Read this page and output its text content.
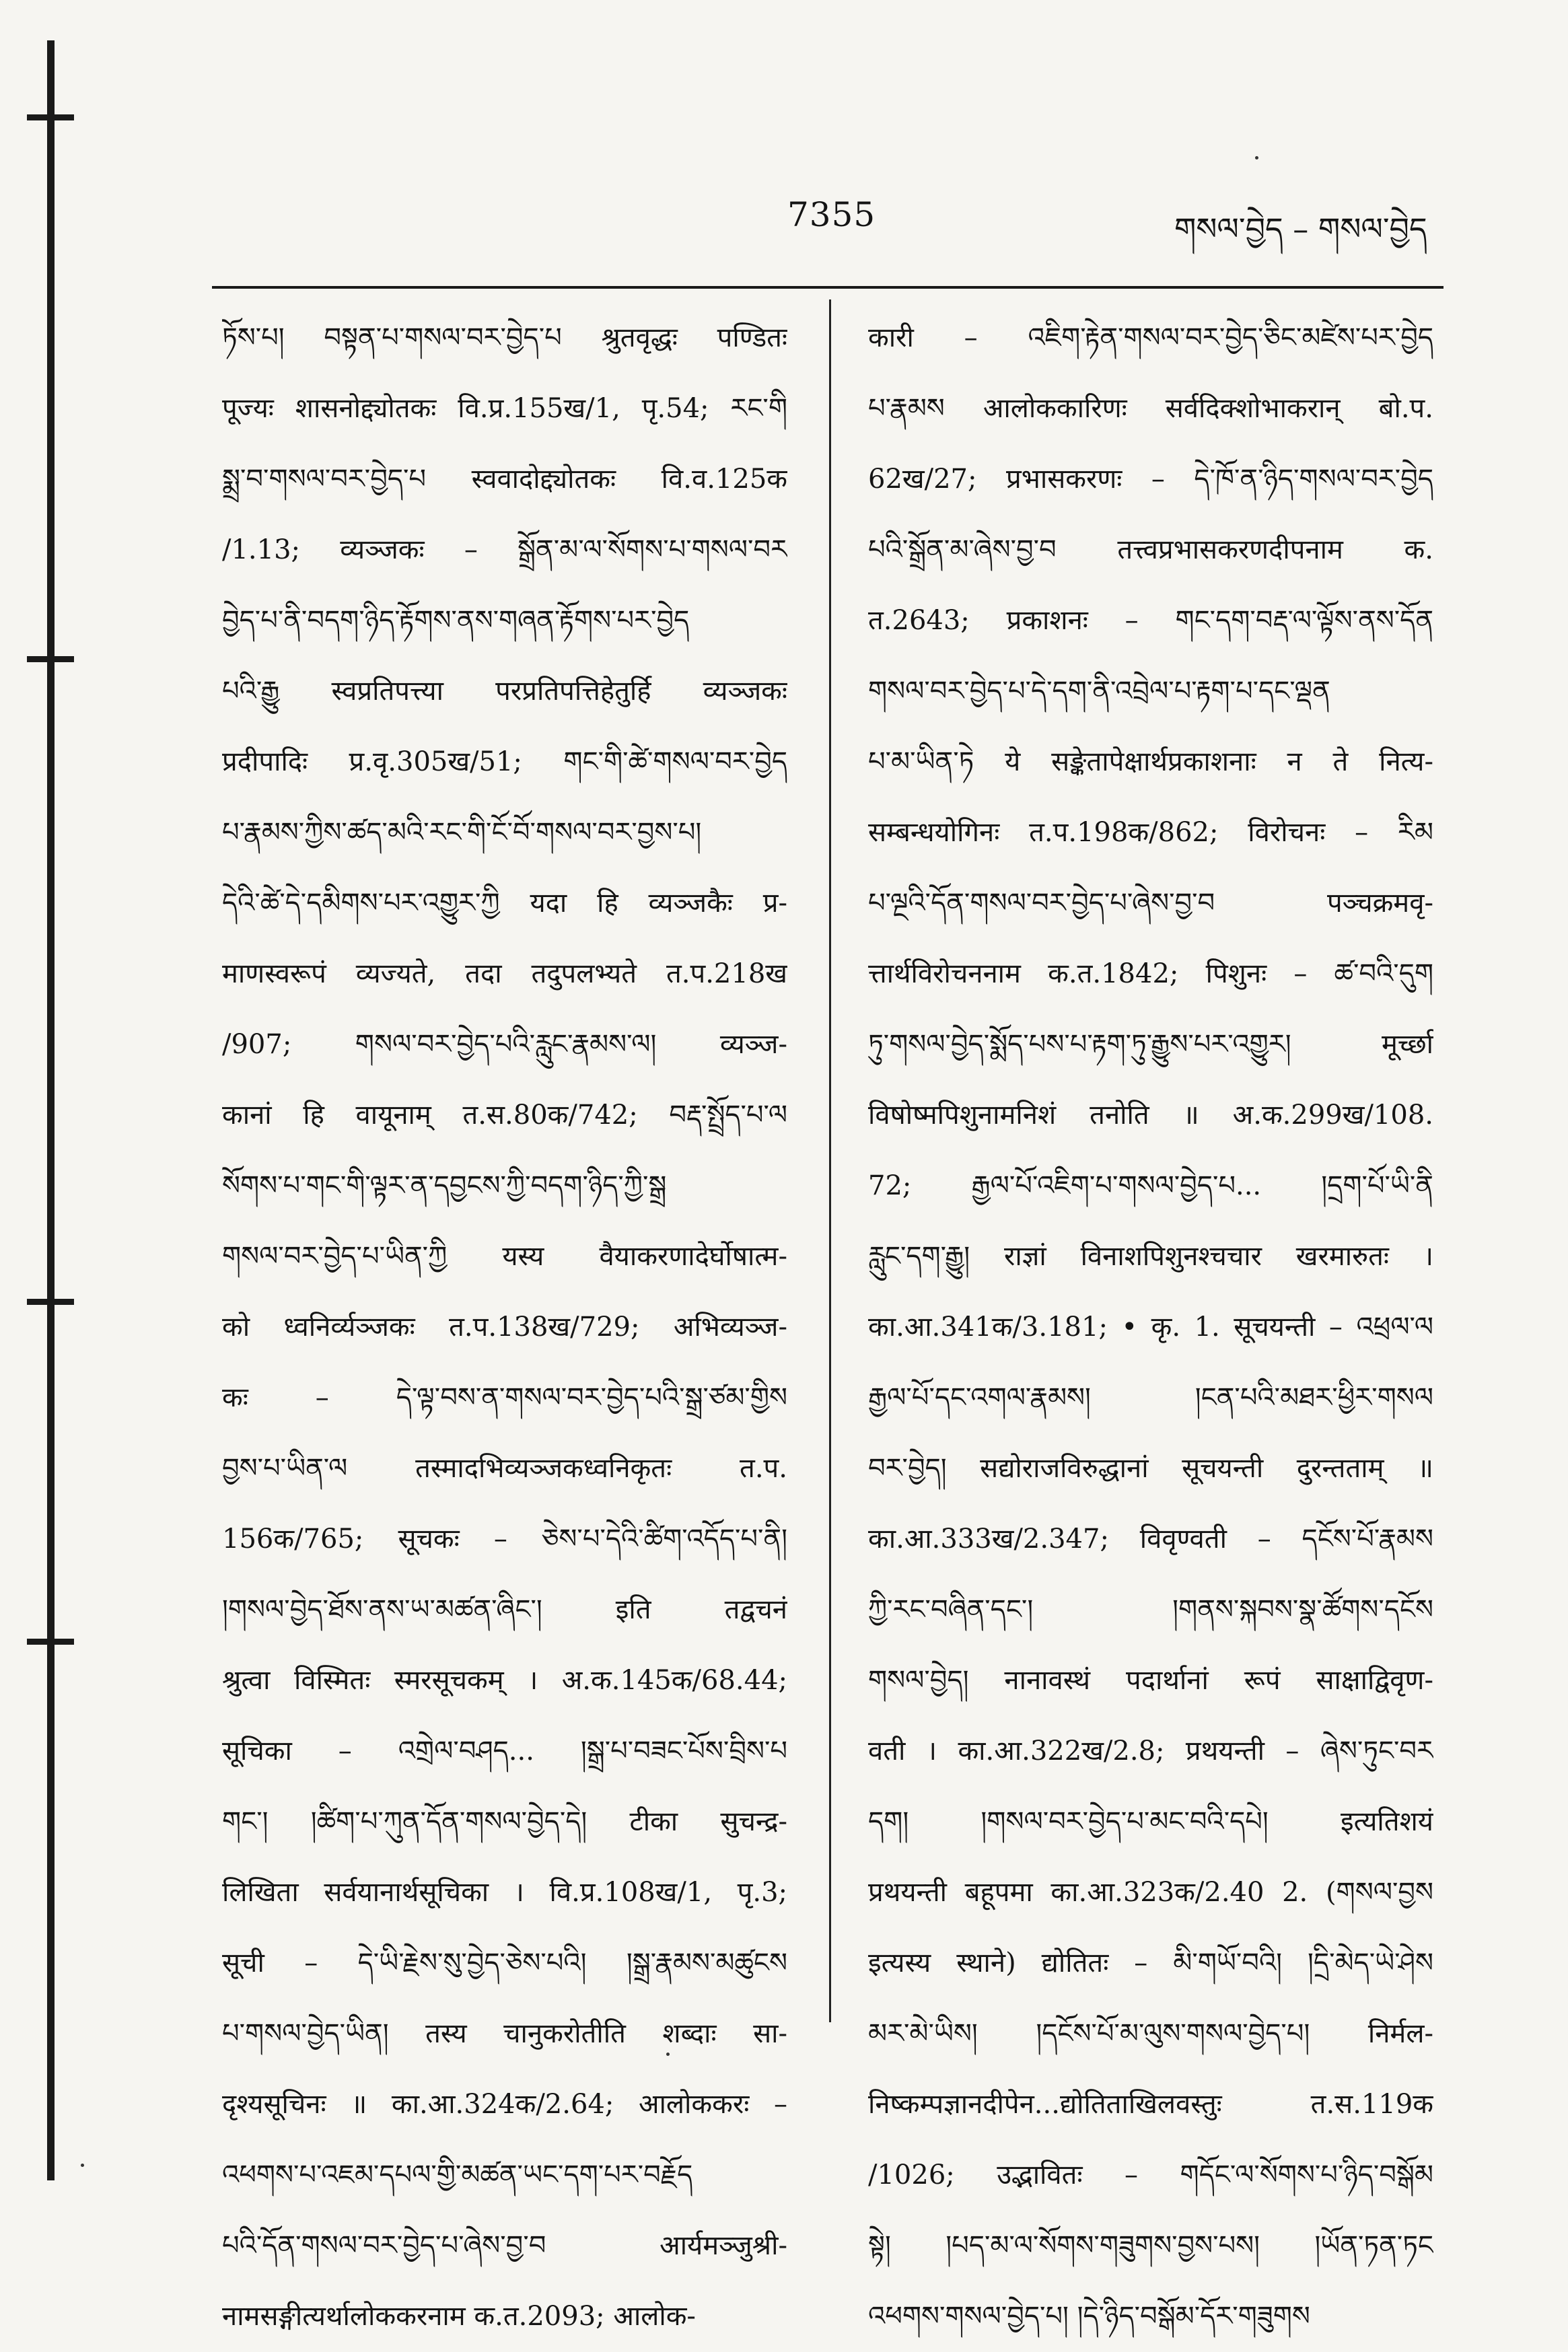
7355	གསལ་བྱེད – གསལ་བྱེད
ཏོས་པ། བསྟན་པ་གསལ་བར་བྱེད་པ श्रुतवृद्धः पण्डितः
पूज्यः शासनोद्द्योतकः वि.प्र.155ख/1, पृ.54; རང་གི
སྨྲ་བ་གསལ་བར་བྱེད་པ स्ववादोद्द्योतकः वि.व.125क
/1.13; व्यञ्जकः – སྒྲོན་མ་ལ་སོགས་པ་གསལ་བར
བྱེད་པ་ནི་བདག་ཉིད་རྟོགས་ནས་གཞན་རྟོགས་པར་བྱེད
པའི་རྒྱུ स्वप्रतिपत्त्या परप्रतिपत्तिहेतुर्हि व्यञ्जकः
प्रदीपादिः प्र.वृ.305ख/51; གང་གི་ཚེ་གསལ་བར་བྱེད
པ་རྣམས་ཀྱིས་ཚད་མའི་རང་གི་ངོ་བོ་གསལ་བར་བྱས་པ།
དེའི་ཚེ་དེ་དམིགས་པར་འགྱུར་ཀྱི यदा हि व्यञ्जकैः प्र-
माणस्वरूपं व्यज्यते, तदा तदुपलभ्यते त.प.218ख
/907; གསལ་བར་བྱེད་པའི་རླུང་རྣམས་ལ། व्यञ्ज-
कानां हि वायूनाम् त.स.80क/742; བརྡ་སྤྲོད་པ་ལ
སོགས་པ་གང་གི་ལྟར་ན་དབྱངས་ཀྱི་བདག་ཉིད་ཀྱི་སྒྲ
གསལ་བར་བྱེད་པ་ཡིན་ཀྱི यस्य वैयाकरणादेर्घोषात्म-
को ध्वनिर्व्यञ्जकः त.प.138ख/729; अभिव्यञ्ज-
कः – དེ་ལྟ་བས་ན་གསལ་བར་བྱེད་པའི་སྒྲ་ཙམ་གྱིས
བྱས་པ་ཡིན་ལ तस्मादभिव्यञ्जकध्वनिकृतः त.प.
156क/765; सूचकः – ཅེས་པ་དེའི་ཚིག་འདོད་པ་ནི།
།གསལ་བྱེད་ཐོས་ནས་ཡ་མཚན་ཞིང་། इति तद्वचनं
श्रुत्वा विस्मितः स्मरसूचकम् । अ.क.145क/68.44;
सूचिका – འགྲེལ་བཤད... །སྒྲ་པ་བཟང་པོས་བྲིས་པ
གང་། །ཚིག་པ་ཀུན་དོན་གསལ་བྱེད་དེ། टीका सुचन्द्र-
लिखिता सर्वयानार्थसूचिका । वि.प्र.108ख/1, पृ.3;
सूची – དེ་ཡི་རྗེས་སུ་བྱེད་ཅེས་པའི། །སྒྲ་རྣམས་མཚུངས
པ་གསལ་བྱེད་ཡིན། तस्य चानुकरोतीति शब्दाः सा-
दृश्यसूचिनः ॥ का.आ.324क/2.64; आलोककरः –
འཕགས་པ་འཇམ་དཔལ་གྱི་མཚན་ཡང་དག་པར་བརྗོད
པའི་དོན་གསལ་བར་བྱེད་པ་ཞེས་བྱ་བ आर्यमञ्जुश्री-
नामसङ्गीत्यर्थालोककरनाम क.त.2093; आलोक-
कारी – འཇིག་རྟེན་གསལ་བར་བྱེད་ཅིང་མཛེས་པར་བྱེད
པ་རྣམས आलोककारिणः सर्वदिक्शोभाकरान् बो.प.
62ख/27; प्रभासकरणः – དེ་ཁོ་ན་ཉིད་གསལ་བར་བྱེད
པའི་སྒྲོན་མ་ཞེས་བྱ་བ तत्त्वप्रभासकरणदीपनाम क.
त.2643; प्रकाशनः – གང་དག་བརྡ་ལ་ལྟོས་ནས་དོན
གསལ་བར་བྱེད་པ་དེ་དག་ནི་འབྲེལ་པ་རྟག་པ་དང་ལྡན
པ་མ་ཡིན་ཏེ ये सङ्केतापेक्षार्थप्रकाशनाः न ते नित्य-
सम्बन्धयोगिनः त.प.198क/862; विरोचनः – རིམ
པ་ལྔའི་དོན་གསལ་བར་བྱེད་པ་ཞེས་བྱ་བ पञ्चक्रमवृ-
त्तार्थविरोचननाम क.त.1842; पिशुनः – ཚ་བའི་དུག
ཏུ་གསལ་བྱེད་སྨོད་པས་པ་རྟག་ཏུ་རྒྱུས་པར་འགྱུར། मूर्च्छा
विषोष्मपिशुनामनिशं तनोति ॥ अ.क.299ख/108.
72; རྒྱལ་པོ་འཇིག་པ་གསལ་བྱེད་པ... །དྲག་པོ་ཡི་ནི
རླུང་དག་རྒྱུ། राज्ञां विनाशपिशुनश्चचार खरमारुतः ।
का.आ.341क/3.181; • कृ. 1. सूचयन्ती – འཕྲལ་ལ
རྒྱལ་པོ་དང་འགལ་རྣམས། །ངན་པའི་མཐར་ཕྱིར་གསལ
བར་བྱེད། सद्योराजविरुद्धानां सूचयन्ती दुरन्तताम् ॥
का.आ.333ख/2.347; विवृण्वती – དངོས་པོ་རྣམས
ཀྱི་རང་བཞིན་དང་། །གནས་སྐབས་སྣ་ཚོགས་དངོས
གསལ་བྱེད། नानावस्थं पदार्थानां रूपं साक्षाद्विवृण-
वती । का.आ.322ख/2.8; प्रथयन्ती – ཞེས་ཏུང་བར
དག། །གསལ་བར་བྱེད་པ་མང་བའི་དཔེ། इत्यतिशयं
प्रथयन्ती बहूपमा का.आ.323क/2.40 2. (གསལ་བྱས
इत्यस्य स्थाने) द्योतितः – མི་གཡོ་བའི། །དྲི་མེད་ཡེ་ཤེས
མར་མེ་ཡིས། །དངོས་པོ་མ་ལུས་གསལ་བྱེད་པ། निर्मल-
निष्कम्पज्ञानदीपेन...द्योतिताखिलवस्तुः त.स.119क
/1026; उद्भावितः – གདོང་ལ་སོགས་པ་ཉིད་བསྒོམ
སྟེ། །པད་མ་ལ་སོགས་གཟུགས་བྱས་པས། །ཡོན་ཏན་ཏང
འཕགས་གསལ་བྱེད་པ། །དེ་ཉིད་བསྒོམ་དོར་གཟུགས
